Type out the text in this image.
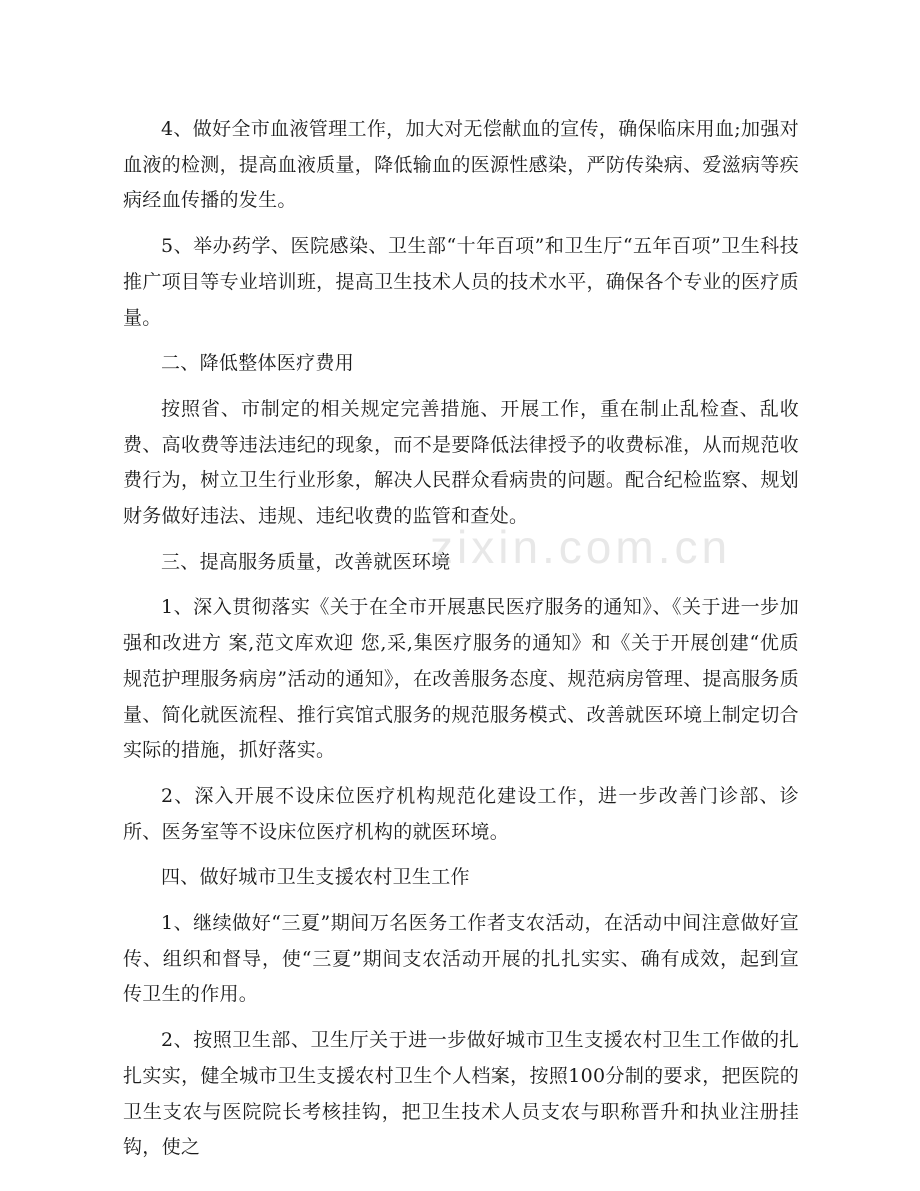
4、做好全市血液管理工作，加大对无偿献血的宣传，确保临床用血;加强对血液的检测，提高血液质量，降低输血的医源性感染，严防传染病、爱滋病等疾病经血传播的发生。

5、举办药学、医院感染、卫生部“十年百项”和卫生厅“五年百项”卫生科技推广项目等专业培训班，提高卫生技术人员的技术水平，确保各个专业的医疗质量。

二、降低整体医疗费用

按照省、市制定的相关规定完善措施、开展工作，重在制止乱检查、乱收费、高收费等违法违纪的现象，而不是要降低法律授予的收费标准，从而规范收费行为，树立卫生行业形象，解决人民群众看病贵的问题。配合纪检监察、规划财务做好违法、违规、违纪收费的监管和查处。

三、提高服务质量，改善就医环境

1、深入贯彻落实《关于在全市开展惠民医疗服务的通知》、《关于进一步加强和改进方 案,范文库欢迎 您,采,集医疗服务的通知》和《关于开展创建“优质规范护理服务病房”活动的通知》，在改善服务态度、规范病房管理、提高服务质量、简化就医流程、推行宾馆式服务的规范服务模式、改善就医环境上制定切合实际的措施，抓好落实。

2、深入开展不设床位医疗机构规范化建设工作，进一步改善门诊部、诊所、医务室等不设床位医疗机构的就医环境。

四、做好城市卫生支援农村卫生工作

1、继续做好“三夏”期间万名医务工作者支农活动，在活动中间注意做好宣传、组织和督导，使“三夏”期间支农活动开展的扎扎实实、确有成效，起到宣传卫生的作用。

2、按照卫生部、卫生厅关于进一步做好城市卫生支援农村卫生工作做的扎扎实实，健全城市卫生支援农村卫生个人档案，按照100分制的要求，把医院的卫生支农与医院院长考核挂钩，把卫生技术人员支农与职称晋升和执业注册挂钩，使之

zixin.com.cn
